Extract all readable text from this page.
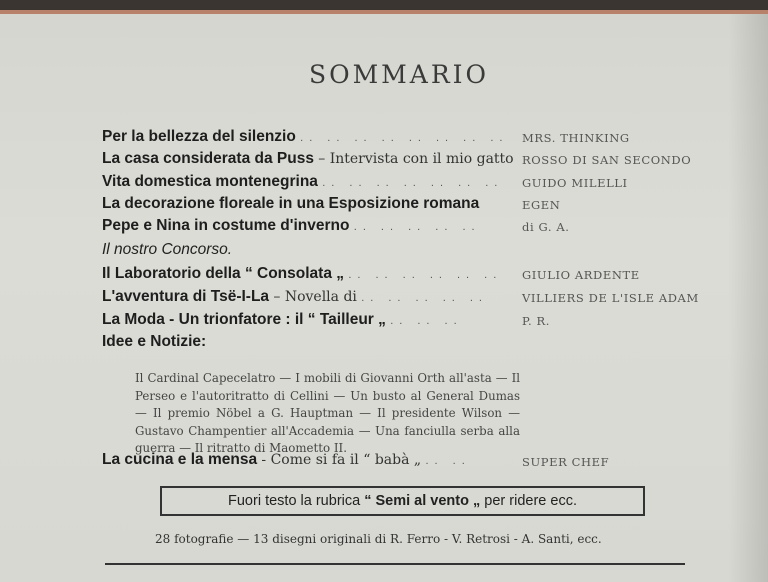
SOMMARIO
Per la bellezza del silenzio .. .. .. .. .. .. .. .. MRS. THINKING
La casa considerata da Puss – Intervista con il mio gatto ROSSO DI SAN SECONDO
Vita domestica montenegrina .. .. .. .. .. .. .. GUIDO MILELLI
La decorazione floreale in una Esposizione romana	EGEN
Pepe e Nina in costume d'inverno .. .. .. .. ..	di G. A.
Il nostro Concorso.
Il Laboratorio della “ Consolata „ .. .. .. .. .. .. GIULIO ARDENTE
L'avventura di Tsë-I-La – Novella di .. .. .. .. ..	VILLIERS DE L'ISLE ADAM
La Moda - Un trionfatore : il “ Tailleur „ .. .. ..	P. R.
Idee e Notizie:
Il Cardinal Capecelatro — I mobili di Giovanni Orth all'asta — Il Perseo e l'autoritratto di Cellini — Un busto al General Dumas — Il premio Nöbel a G. Hauptman — Il presidente Wilson — Gustavo Champentier all'Accademia — Una fanciulla serba alla guerra — Il ritratto di Maometto II.
La cucina e la mensa - Come si fa il “ babà „ .. ..	SUPER CHEF
Fuori testo la rubrica “ Semi al vento „ per ridere ecc.
28 fotografie — 13 disegni originali di R. Ferro - V. Retrosi - A. Santi, ecc.
